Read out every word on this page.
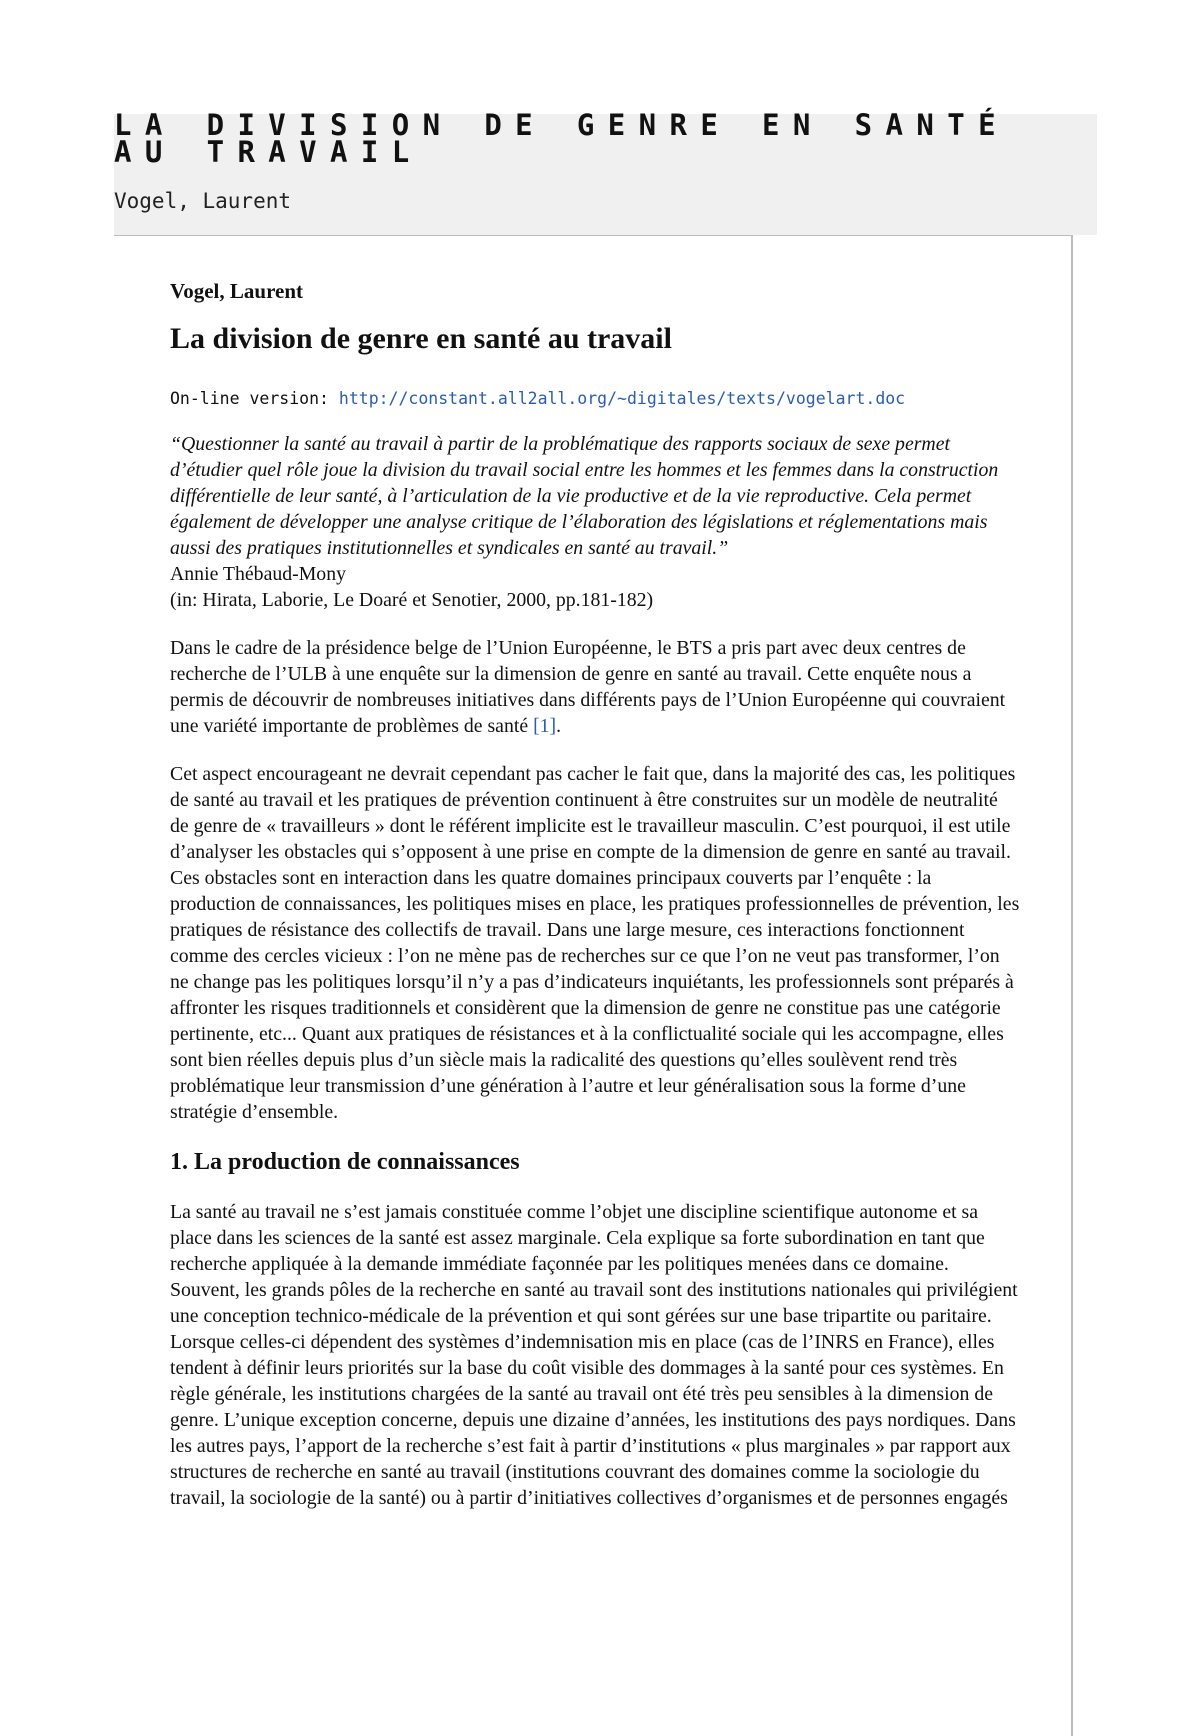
LA DIVISION DE GENRE EN SANTÉ AU TRAVAIL

Vogel, Laurent

Vogel, Laurent

La division de genre en santé au travail

On-line version: http://constant.all2all.org/~digitales/texts/vogelart.doc

“Questionner la santé au travail à partir de la problématique des rapports sociaux de sexe permet d’étudier quel rôle joue la division du travail social entre les hommes et les femmes dans la construction différentielle de leur santé, à l’articulation de la vie productive et de la vie reproductive. Cela permet également de développer une analyse critique de l’élaboration des législations et réglementations mais aussi des pratiques institutionnelles et syndicales en santé au travail.”

Annie Thébaud-Mony

(in: Hirata, Laborie, Le Doaré et Senotier, 2000, pp.181-182)

Dans le cadre de la présidence belge de l’Union Européenne, le BTS a pris part avec deux centres de recherche de l’ULB à une enquête sur la dimension de genre en santé au travail. Cette enquête nous a permis de découvrir de nombreuses initiatives dans différents pays de l’Union Européenne qui couvraient une variété importante de problèmes de santé [1].

Cet aspect encourageant ne devrait cependant pas cacher le fait que, dans la majorité des cas, les politiques de santé au travail et les pratiques de prévention continuent à être construites sur un modèle de neutralité de genre de « travailleurs » dont le référent implicite est le travailleur masculin. C’est pourquoi, il est utile d’analyser les obstacles qui s’opposent à une prise en compte de la dimension de genre en santé au travail. Ces obstacles sont en interaction dans les quatre domaines principaux couverts par l’enquête : la production de connaissances, les politiques mises en place, les pratiques professionnelles de prévention, les pratiques de résistance des collectifs de travail. Dans une large mesure, ces interactions fonctionnent comme des cercles vicieux : l’on ne mène pas de recherches sur ce que l’on ne veut pas transformer, l’on ne change pas les politiques lorsqu’il n’y a pas d’indicateurs inquiétants, les professionnels sont préparés à affronter les risques traditionnels et considèrent que la dimension de genre ne constitue pas une catégorie pertinente, etc... Quant aux pratiques de résistances et à la conflictualité sociale qui les accompagne, elles sont bien réelles depuis plus d’un siècle mais la radicalité des questions qu’elles soulèvent rend très problématique leur transmission d’une génération à l’autre et leur généralisation sous la forme d’une stratégie d’ensemble.

1. La production de connaissances

La santé au travail ne s’est jamais constituée comme l’objet une discipline scientifique autonome et sa place dans les sciences de la santé est assez marginale. Cela explique sa forte subordination en tant que recherche appliquée à la demande immédiate façonnée par les politiques menées dans ce domaine. Souvent, les grands pôles de la recherche en santé au travail sont des institutions nationales qui privilégient une conception technico-médicale de la prévention et qui sont gérées sur une base tripartite ou paritaire. Lorsque celles-ci dépendent des systèmes d’indemnisation mis en place (cas de l’INRS en France), elles tendent à définir leurs priorités sur la base du coût visible des dommages à la santé pour ces systèmes. En règle générale, les institutions chargées de la santé au travail ont été très peu sensibles à la dimension de genre. L’unique exception concerne, depuis une dizaine d’années, les institutions des pays nordiques. Dans les autres pays, l’apport de la recherche s’est fait à partir d’institutions « plus marginales » par rapport aux structures de recherche en santé au travail (institutions couvrant des domaines comme la sociologie du travail, la sociologie de la santé) ou à partir d’initiatives collectives d’organismes et de personnes engagés
